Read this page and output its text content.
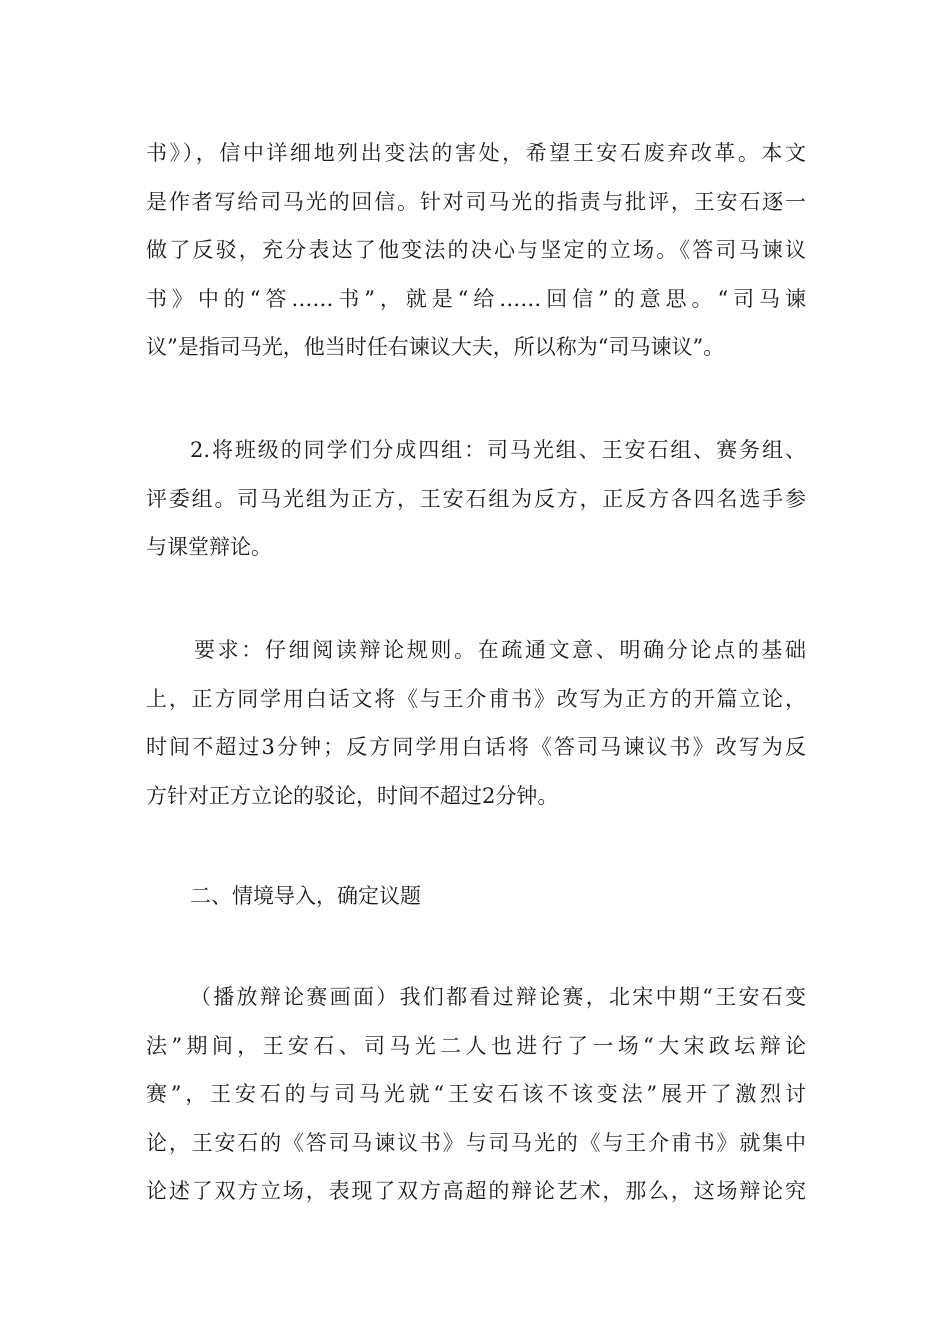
书》），信中详细地列出变法的害处，希望王安石废弃改革。本文
是作者写给司马光的回信。针对司马光的指责与批评，王安石逐一
做了反驳，充分表达了他变法的决心与坚定的立场。《答司马谏议
书》中的“答……书”，就是“给……回信”的意思。“司马谏
议”是指司马光，他当时任右谏议大夫，所以称为“司马谏议”。
2.将班级的同学们分成四组：司马光组、王安石组、赛务组、
评委组。司马光组为正方，王安石组为反方，正反方各四名选手参
与课堂辩论。
要求：仔细阅读辩论规则。在疏通文意、明确分论点的基础
上，正方同学用白话文将《与王介甫书》改写为正方的开篇立论，
时间不超过3分钟；反方同学用白话将《答司马谏议书》改写为反
方针对正方立论的驳论，时间不超过2分钟。
二、情境导入，确定议题
（播放辩论赛画面）我们都看过辩论赛，北宋中期“王安石变
法”期间，王安石、司马光二人也进行了一场“大宋政坛辩论
赛”，王安石的与司马光就“王安石该不该变法”展开了激烈讨
论，王安石的《答司马谏议书》与司马光的《与王介甫书》就集中
论述了双方立场，表现了双方高超的辩论艺术，那么，这场辩论究
